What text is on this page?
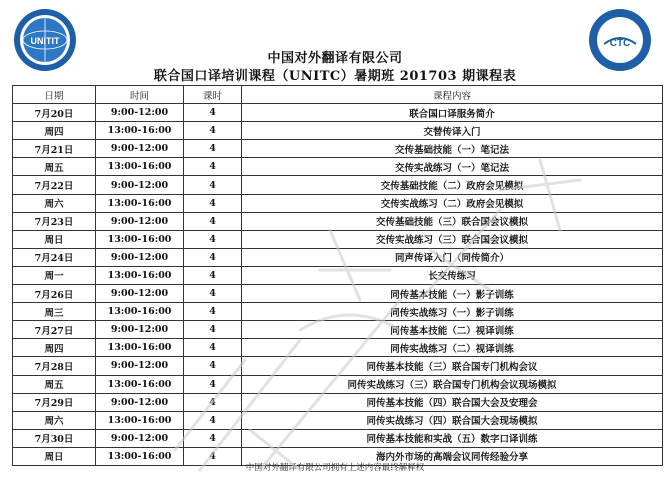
UNITIT	CTC
中国对外翻译有限公司
联合国口译培训课程（UNITC）暑期班 201703 期课程表
日期	时间	课时	课程内容
7月20日	9:00-12:00	4	联合国口译服务简介
周四	13:00-16:00	4	交替传译入门
7月21日	9:00-12:00	4	交传基础技能（一）笔记法
周五	13:00-16:00	4	交传实战练习（一）笔记法
7月22日	9:00-12:00	4	交传基础技能（二）政府会见模拟
周六	13:00-16:00	4	交传实战练习（二）政府会见模拟
7月23日	9:00-12:00	4	交传基础技能（三）联合国会议模拟
周日	13:00-16:00	4	交传实战练习（三）联合国会议模拟
7月24日	9:00-12:00	4	同声传译入门（同传简介）
周一	13:00-16:00	4	长交传练习
7月26日	9:00-12:00	4	同传基本技能（一）影子训练
周三	13:00-16:00	4	同传实战练习（一）影子训练
7月27日	9:00-12:00	4	同传基本技能（二）视译训练
周四	13:00-16:00	4	同传实战练习（二）视译训练
7月28日	9:00-12:00	4	同传基本技能（三）联合国专门机构会议
周五	13:00-16:00	4	同传实战练习（三）联合国专门机构会议现场模拟
7月29日	9:00-12:00	4	同传基本技能（四）联合国大会及安理会
周六	13:00-16:00	4	同传实战练习（四）联合国大会现场模拟
7月30日	9:00-12:00	4	同传基本技能和实战（五）数字口译训练
周日	13:00-16:00	4	海内外市场的高端会议同传经验分享
中国对外翻译有限公司拥有上述内容最终解释权
